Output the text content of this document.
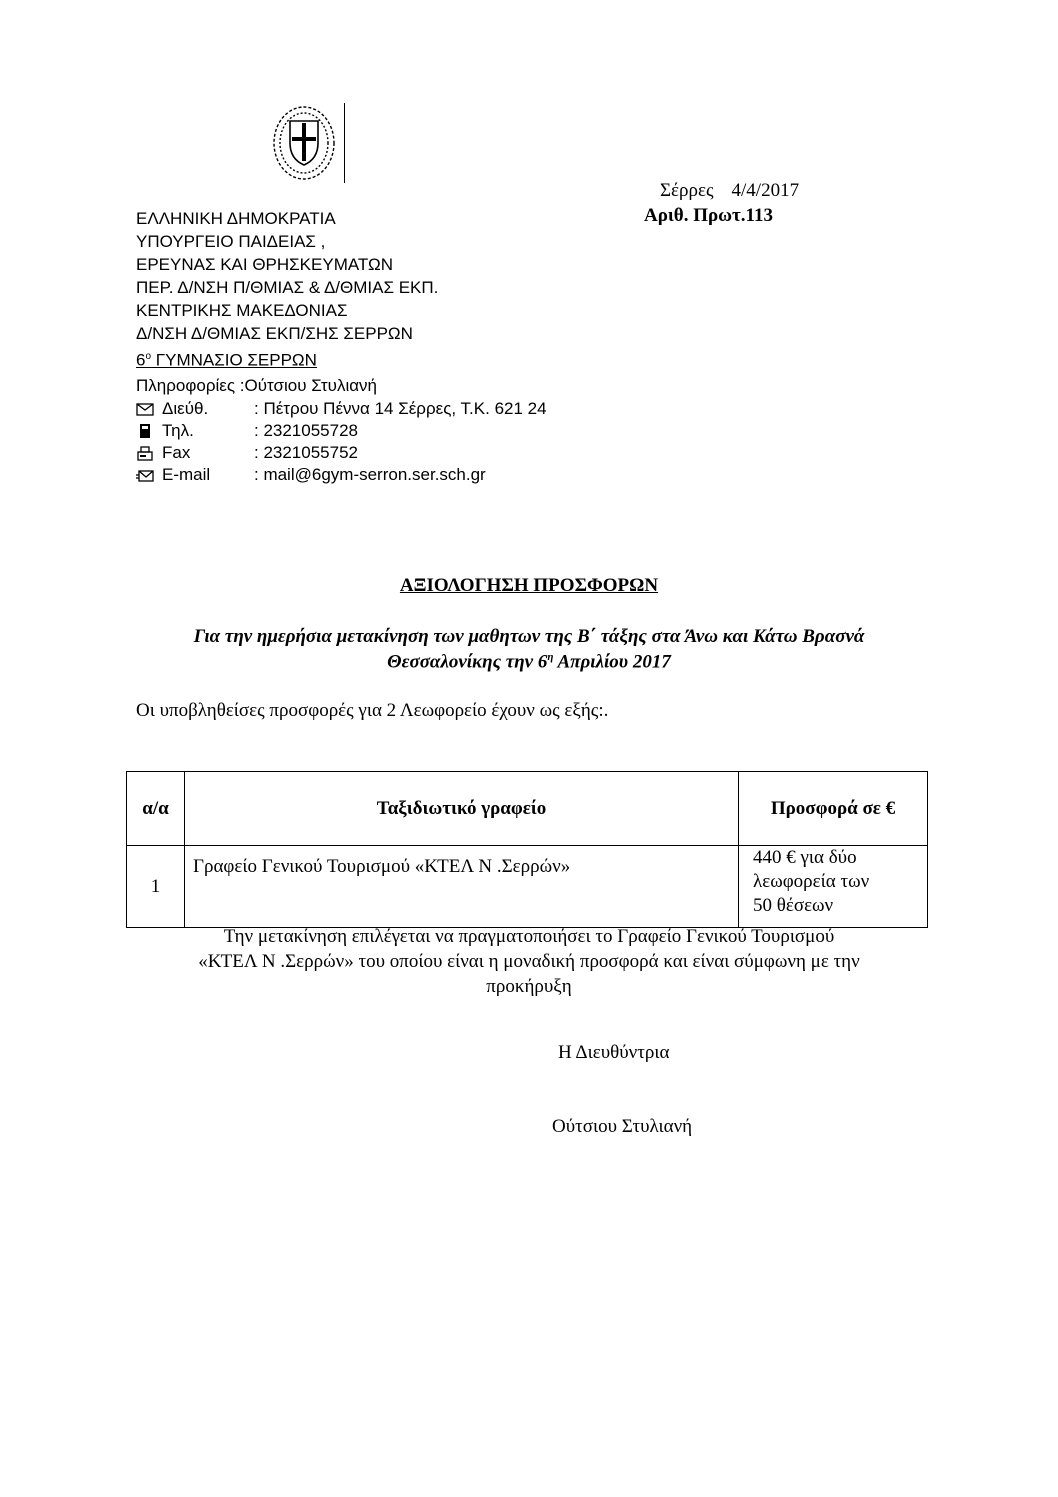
Σέρρες 4/4/2017
Αριθ. Πρωτ.113
ΕΛΛΗΝΙΚΗ ΔΗΜΟΚΡΑΤΙΑ
ΥΠΟΥΡΓΕΙΟ ΠΑΙΔΕΙΑΣ ,
ΕΡΕΥΝΑΣ ΚΑΙ ΘΡΗΣΚΕΥΜΑΤΩΝ
ΠΕΡ. Δ/ΝΣΗ Π/ΘΜΙΑΣ & Δ/ΘΜΙΑΣ ΕΚΠ.
ΚΕΝΤΡΙΚΗΣ ΜΑΚΕΔΟΝΙΑΣ
Δ/ΝΣΗ Δ/ΘΜΙΑΣ ΕΚΠ/ΣΗΣ ΣΕΡΡΩΝ
$6^o$ ΓΥΜΝΑΣΙΟ ΣΕΡΡΩΝ
Πληροφορίες :Ούτσιου Στυλιανή
Διεύθ.	: Πέτρου Πέννα 14 Σέρρες, Τ.Κ. 621 24
Τηλ.	: 2321055728
Fax	: 2321055752
E-mail	: mail@6gym-serron.ser.sch.gr
ΑΞΙΟΛΟΓΗΣΗ ΠΡΟΣΦΟΡΩΝ
Για την ημερήσια μετακίνηση των μαθητων της Β΄ τάξης στα Άνω και Κάτω Βρασνά
Θεσσαλονίκης την $6^\eta$ Απριλίου 2017
Οι υποβληθείσες προσφορές για 2 Λεωφορείο έχουν ως εξής:.
α/α	Ταξιδιωτικό γραφείο	Προσφορά σε €
1	Γραφείο Γενικού Τουρισμού «ΚΤΕΛ Ν .Σερρών»	440 € για δύο
λεωφορεία των
50 θέσεων
Την μετακίνηση επιλέγεται να πραγματοποιήσει το Γραφείο Γενικού Τουρισμού
«ΚΤΕΛ Ν .Σερρών» του οποίου είναι η μοναδική προσφορά και είναι σύμφωνη με την
προκήρυξη
Η Διευθύντρια
Ούτσιου Στυλιανή
